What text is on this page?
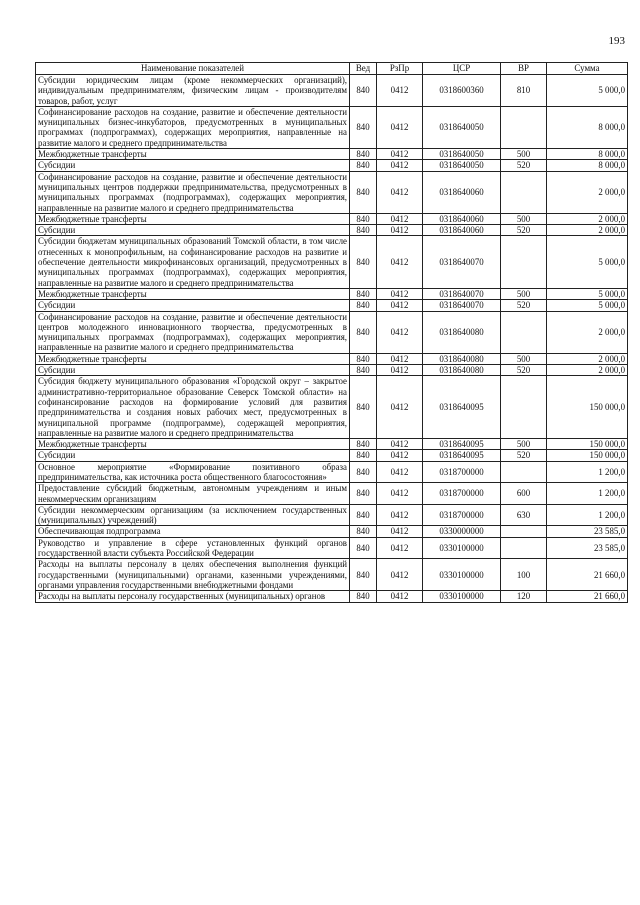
193
Наименование показателей	Вед	РзПр	ЦСР	ВР	Сумма
Субсидии юридическим лицам (кроме некоммерческих организаций), индивидуальным предпринимателям, физическим лицам - производителям товаров, работ, услуг	840	0412	0318600360	810	5 000,0
Софинансирование расходов на создание, развитие и обеспечение деятельности муниципальных бизнес-инкубаторов, предусмотренных в муниципальных программах (подпрограммах), содержащих мероприятия, направленные на развитие малого и среднего предпринимательства	840	0412	0318640050		8 000,0
Межбюджетные трансферты	840	0412	0318640050	500	8 000,0
Субсидии	840	0412	0318640050	520	8 000,0
Софинансирование расходов на создание, развитие и обеспечение деятельности муниципальных центров поддержки предпринимательства, предусмотренных в муниципальных программах (подпрограммах), содержащих мероприятия, направленные на развитие малого и среднего предпринимательства	840	0412	0318640060		2 000,0
Межбюджетные трансферты	840	0412	0318640060	500	2 000,0
Субсидии	840	0412	0318640060	520	2 000,0
Субсидии бюджетам муниципальных образований Томской области, в том числе отнесенных к монопрофильным, на софинансирование расходов на развитие и обеспечение деятельности микрофинансовых организаций, предусмотренных в муниципальных программах (подпрограммах), содержащих мероприятия, направленные на развитие малого и среднего предпринимательства	840	0412	0318640070		5 000,0
Межбюджетные трансферты	840	0412	0318640070	500	5 000,0
Субсидии	840	0412	0318640070	520	5 000,0
Софинансирование расходов на создание, развитие и обеспечение деятельности центров молодежного инновационного творчества, предусмотренных в муниципальных программах (подпрограммах), содержащих мероприятия, направленные на развитие малого и среднего предпринимательства	840	0412	0318640080		2 000,0
Межбюджетные трансферты	840	0412	0318640080	500	2 000,0
Субсидии	840	0412	0318640080	520	2 000,0
Субсидия бюджету муниципального образования «Городской округ – закрытое административно-территориальное образование Северск Томской области» на софинансирование расходов на формирование условий для развития предпринимательства и создания новых рабочих мест, предусмотренных в муниципальной программе (подпрограмме), содержащей мероприятия, направленные на развитие малого и среднего предпринимательства	840	0412	0318640095		150 000,0
Межбюджетные трансферты	840	0412	0318640095	500	150 000,0
Субсидии	840	0412	0318640095	520	150 000,0
Основное мероприятие «Формирование позитивного образа предпринимательства, как источника роста общественного благосостояния»	840	0412	0318700000		1 200,0
Предоставление субсидий бюджетным, автономным учреждениям и иным некоммерческим организациям	840	0412	0318700000	600	1 200,0
Субсидии некоммерческим организациям (за исключением государственных (муниципальных) учреждений)	840	0412	0318700000	630	1 200,0
Обеспечивающая подпрограмма	840	0412	0330000000		23 585,0
Руководство и управление в сфере установленных функций органов государственной власти субъекта Российской Федерации	840	0412	0330100000		23 585,0
Расходы на выплаты персоналу в целях обеспечения выполнения функций государственными (муниципальными) органами, казенными учреждениями, органами управления государственными внебюджетными фондами	840	0412	0330100000	100	21 660,0
Расходы на выплаты персоналу государственных (муниципальных) органов	840	0412	0330100000	120	21 660,0
